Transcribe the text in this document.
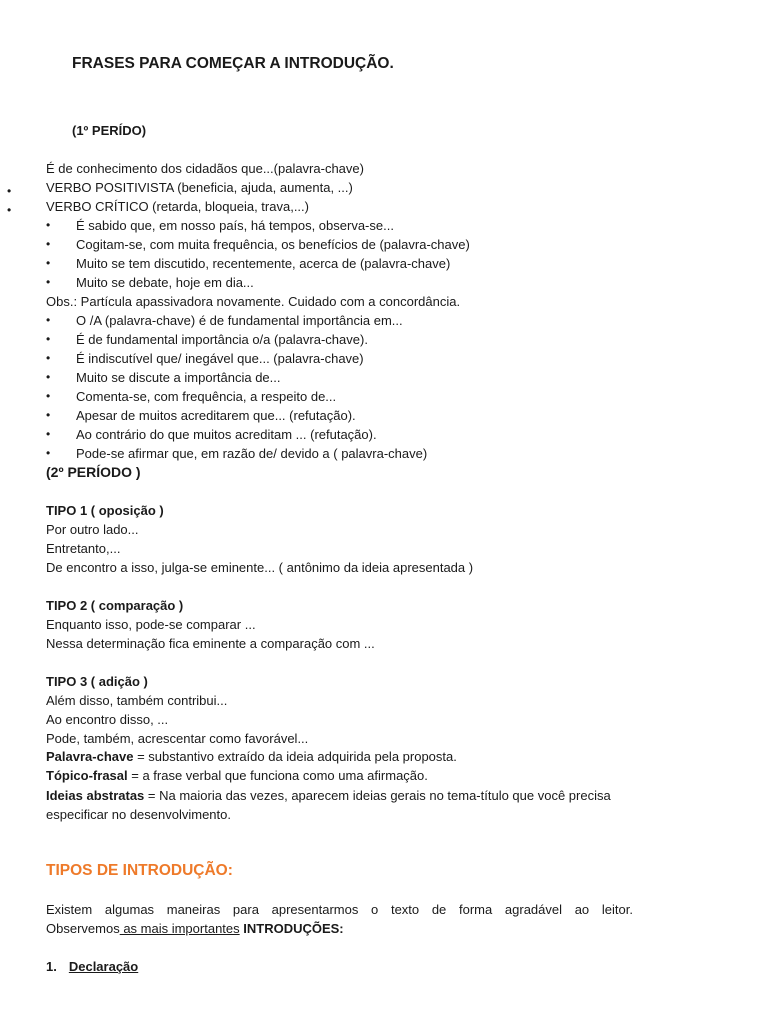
FRASES PARA COMEÇAR A INTRODUÇÃO.
(1º PERÍDO)
É de conhecimento dos cidadãos que...(palavra-chave)
•	VERBO POSITIVISTA (beneficia, ajuda, aumenta, ...)
•	VERBO CRÍTICO (retarda, bloqueia, trava,...)
• É sabido que, em nosso país, há tempos, observa-se...
• Cogitam-se, com muita frequência, os benefícios de (palavra-chave)
• Muito se tem discutido, recentemente, acerca de (palavra-chave)
• Muito se debate, hoje em dia...
Obs.: Partícula apassivadora novamente. Cuidado com a concordância.
• O /A (palavra-chave) é de fundamental importância em...
• É de fundamental importância o/a (palavra-chave).
• É indiscutível que/ inegável que... (palavra-chave)
• Muito se discute a importância de...
• Comenta-se, com frequência, a respeito de...
• Apesar de muitos acreditarem que... (refutação).
• Ao contrário do que muitos acreditam ... (refutação).
• Pode-se afirmar que, em razão de/ devido a ( palavra-chave)
(2º PERÍODO )
TIPO 1 ( oposição )
Por outro lado...
Entretanto,...
De encontro a isso, julga-se eminente... ( antônimo da ideia apresentada )
TIPO 2 ( comparação )
Enquanto isso, pode-se comparar ...
Nessa determinação fica eminente a comparação com ...
TIPO 3 ( adição )
Além disso, também contribui...
Ao encontro disso, ...
Pode, também, acrescentar como favorável...
Palavra-chave = substantivo extraído da ideia adquirida pela proposta.
Tópico-frasal = a frase verbal que funciona como uma afirmação.
Ideias abstratas = Na maioria das vezes, aparecem ideias gerais no tema-título que você precisa
especificar no desenvolvimento.
TIPOS DE INTRODUÇÃO:
Existem algumas maneiras para apresentarmos o texto de forma agradável ao leitor.
Observemos as mais importantes INTRODUÇÕES:
1. Declaração
